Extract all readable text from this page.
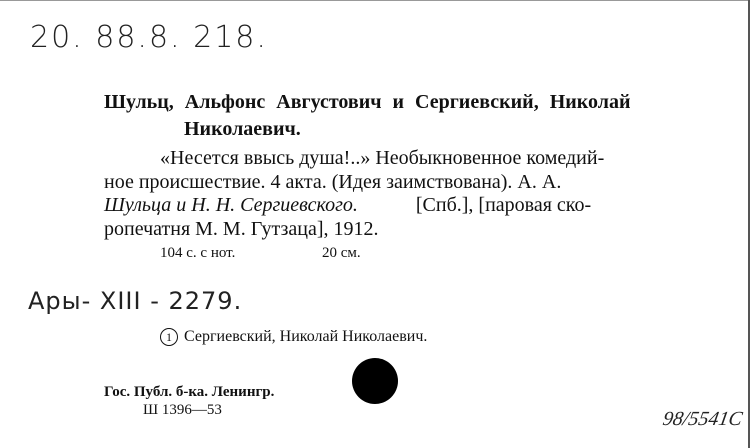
20. 88.8. 218.
Шульц, Альфонс Августович и Сергиевский, Николай
Николаевич.
«Несется ввысь душа!..» Необыкновенное комедий-
ное происшествие. 4 акта. (Идея заимствована). А. А.
Шульца и Н. Н. Сергиевского.	[Спб.], [паровая ско-
ропечатня М. М. Гутзаца], 1912.
104 с. с нот.	20 см.
Ары- XIII - 2279.
1 Сергиевский, Николай Николаевич.
Гос. Публ. б-ка. Ленингр.
Ш 1396—53	98/5541С
